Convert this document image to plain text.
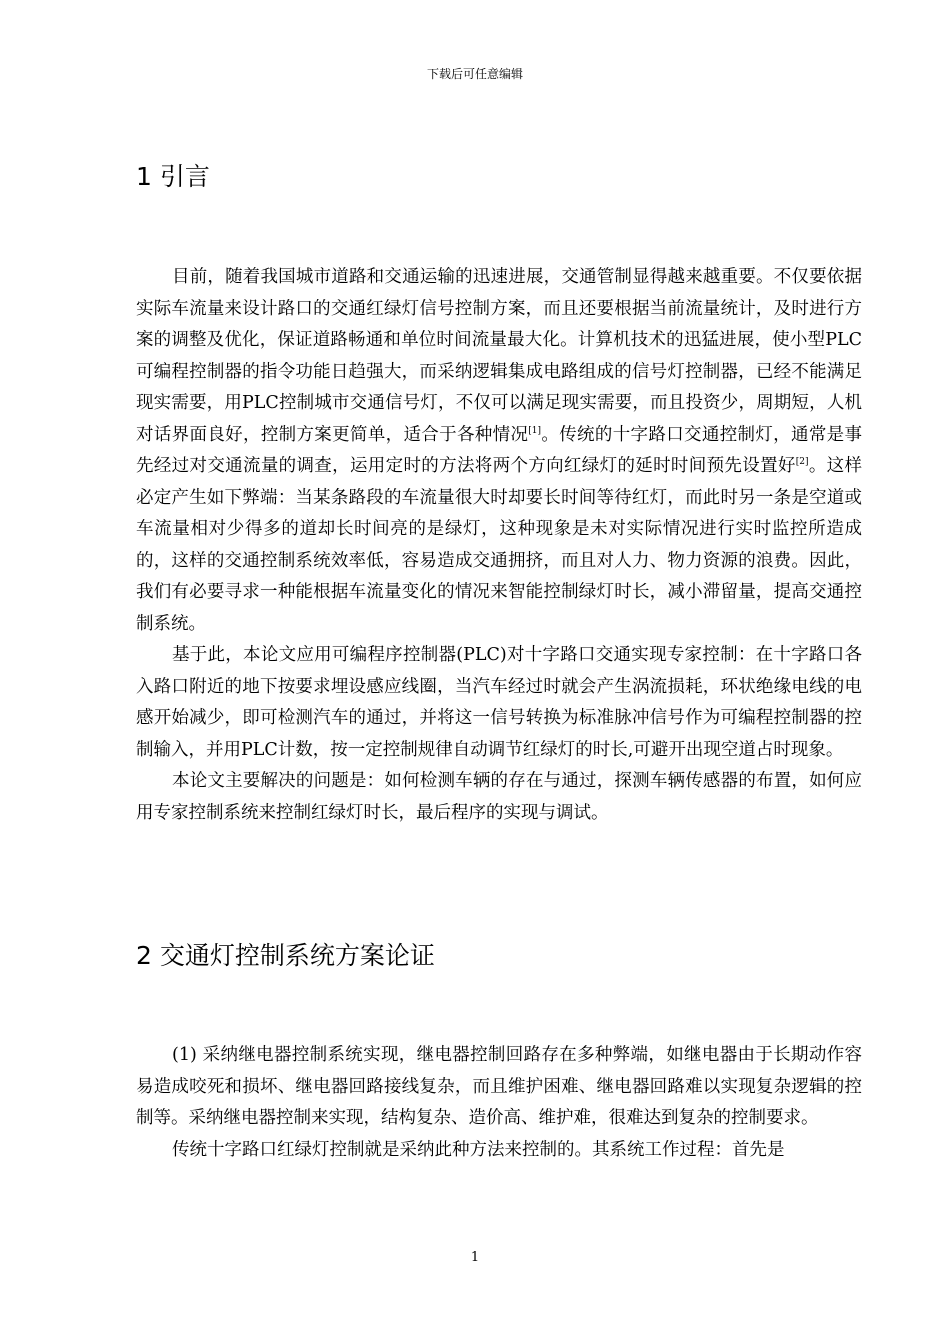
下载后可任意编辑
1 引言

目前，随着我国城市道路和交通运输的迅速进展，交通管制显得越来越重要。不仅要依据实际车流量来设计路口的交通红绿灯信号控制方案，而且还要根据当前流量统计，及时进行方案的调整及优化，保证道路畅通和单位时间流量最大化。计算机技术的迅猛进展，使小型PLC可编程控制器的指令功能日趋强大，而采纳逻辑集成电路组成的信号灯控制器，已经不能满足现实需要，用PLC控制城市交通信号灯，不仅可以满足现实需要，而且投资少，周期短，人机对话界面良好，控制方案更简单，适合于各种情况[1]。传统的十字路口交通控制灯，通常是事先经过对交通流量的调查，运用定时的方法将两个方向红绿灯的延时时间预先设置好[2]。这样必定产生如下弊端：当某条路段的车流量很大时却要长时间等待红灯，而此时另一条是空道或车流量相对少得多的道却长时间亮的是绿灯，这种现象是未对实际情况进行实时监控所造成的，这样的交通控制系统效率低，容易造成交通拥挤，而且对人力、物力资源的浪费。因此，我们有必要寻求一种能根据车流量变化的情况来智能控制绿灯时长，减小滞留量，提高交通控制系统。

基于此，本论文应用可编程序控制器(PLC)对十字路口交通实现专家控制：在十字路口各入路口附近的地下按要求埋设感应线圈，当汽车经过时就会产生涡流损耗，环状绝缘电线的电感开始减少，即可检测汽车的通过，并将这一信号转换为标准脉冲信号作为可编程控制器的控制输入，并用PLC计数，按一定控制规律自动调节红绿灯的时长,可避开出现空道占时现象。

本论文主要解决的问题是：如何检测车辆的存在与通过，探测车辆传感器的布置，如何应用专家控制系统来控制红绿灯时长，最后程序的实现与调试。

2 交通灯控制系统方案论证

(1) 采纳继电器控制系统实现，继电器控制回路存在多种弊端，如继电器由于长期动作容易造成咬死和损坏、继电器回路接线复杂，而且维护困难、继电器回路难以实现复杂逻辑的控制等。采纳继电器控制来实现，结构复杂、造价高、维护难，很难达到复杂的控制要求。

传统十字路口红绿灯控制就是采纳此种方法来控制的。其系统工作过程：首先是

1
